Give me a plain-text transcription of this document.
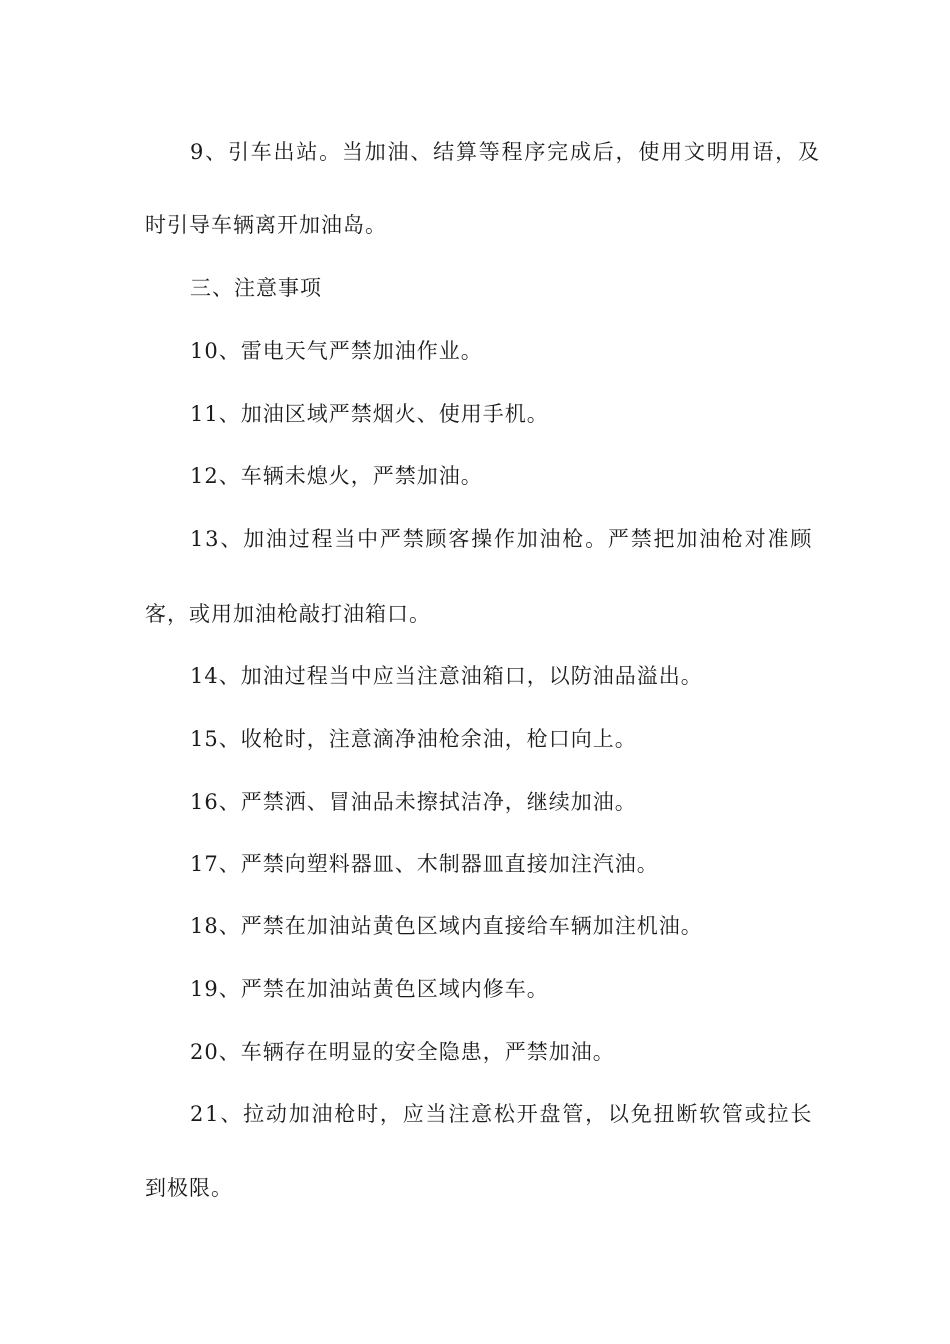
9、引车出站。当加油、结算等程序完成后，使用文明用语，及

时引导车辆离开加油岛。

三、注意事项

10、雷电天气严禁加油作业。

11、加油区域严禁烟火、使用手机。

12、车辆未熄火，严禁加油。

13、加油过程当中严禁顾客操作加油枪。严禁把加油枪对准顾

客，或用加油枪敲打油箱口。

14、加油过程当中应当注意油箱口，以防油品溢出。

15、收枪时，注意滴净油枪余油，枪口向上。

16、严禁洒、冒油品未擦拭洁净，继续加油。

17、严禁向塑料器皿、木制器皿直接加注汽油。

18、严禁在加油站黄色区域内直接给车辆加注机油。

19、严禁在加油站黄色区域内修车。

20、车辆存在明显的安全隐患，严禁加油。

21、拉动加油枪时，应当注意松开盘管，以免扭断软管或拉长

到极限。
